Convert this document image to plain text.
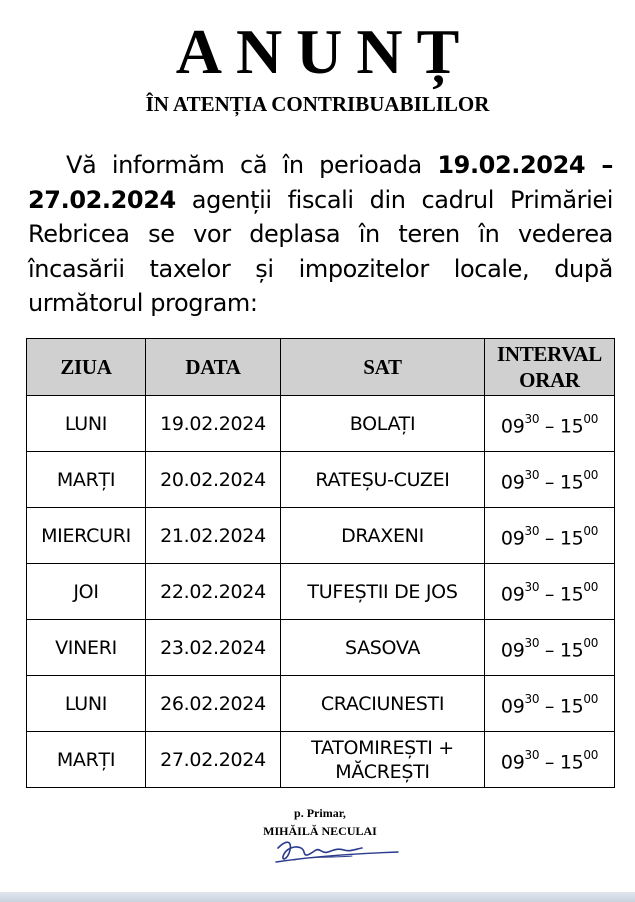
ANUNȚ
ÎN ATENȚIA CONTRIBUABILILOR

Vă informăm că în perioada 19.02.2024 – 27.02.2024 agenții fiscali din cadrul Primăriei Rebricea se vor deplasa în teren în vederea încasării taxelor și impozitelor locale, după următorul program:

ZIUA	DATA	SAT	INTERVAL ORAR
LUNI	19.02.2024	BOLAȚI	$09^{30} - 15^{00}$
MARȚI	20.02.2024	RATEȘU-CUZEI	$09^{30} - 15^{00}$
MIERCURI	21.02.2024	DRAXENI	$09^{30} - 15^{00}$
JOI	22.02.2024	TUFEȘTII DE JOS	$09^{30} - 15^{00}$
VINERI	23.02.2024	SASOVA	$09^{30} - 15^{00}$
LUNI	26.02.2024	CRACIUNESTI	$09^{30} - 15^{00}$
MARȚI	27.02.2024	TATOMIREȘTI + MĂCREȘTI	$09^{30} - 15^{00}$
p. Primar,
MIHĂILĂ NECULAI
